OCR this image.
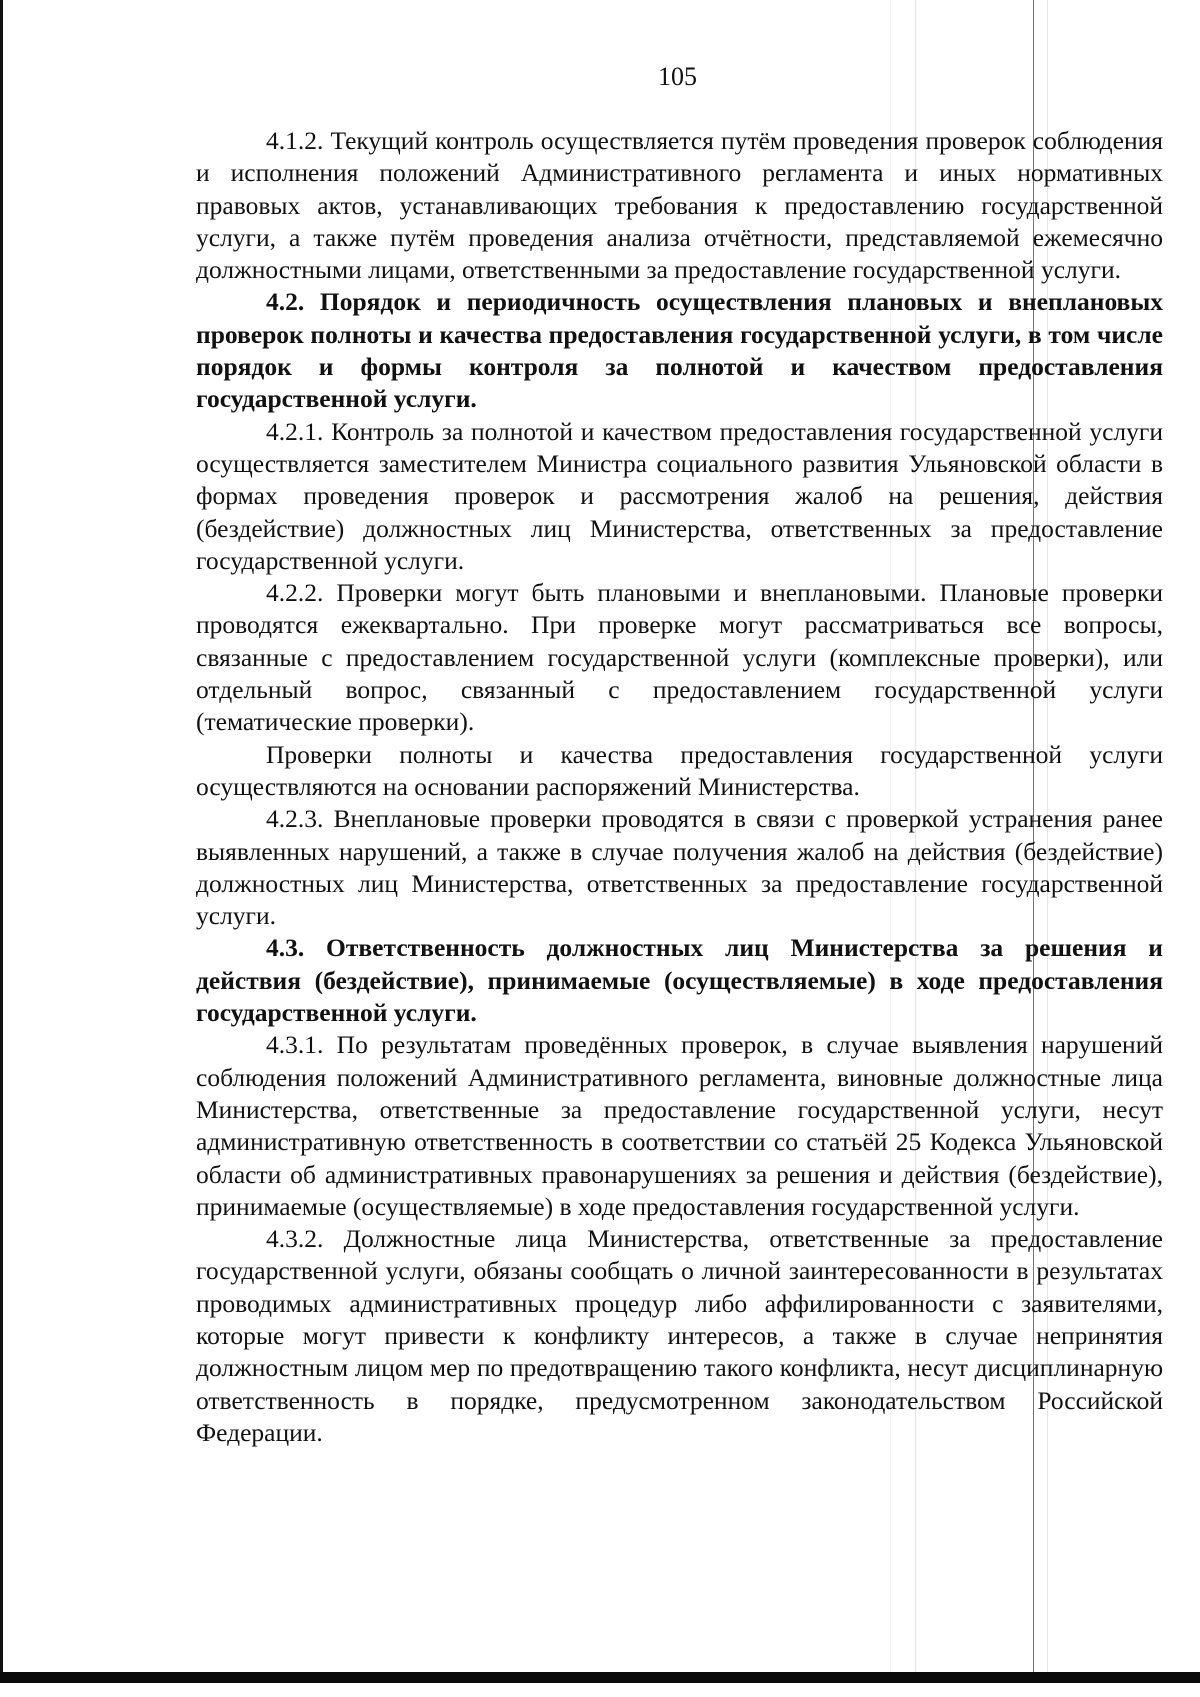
105

4.1.2. Текущий контроль осуществляется путём проведения проверок соблюдения и исполнения положений Административного регламента и иных нормативных правовых актов, устанавливающих требования к предоставлению государственной услуги, а также путём проведения анализа отчётности, представляемой ежемесячно должностными лицами, ответственными за предоставление государственной услуги.

4.2. Порядок и периодичность осуществления плановых и внеплановых проверок полноты и качества предоставления государственной услуги, в том числе порядок и формы контроля за полнотой и качеством предоставления государственной услуги.

4.2.1. Контроль за полнотой и качеством предоставления государственной услуги осуществляется заместителем Министра социального развития Ульяновской области в формах проведения проверок и рассмотрения жалоб на решения, действия (бездействие) должностных лиц Министерства, ответственных за предоставление государственной услуги.

4.2.2. Проверки могут быть плановыми и внеплановыми. Плановые проверки проводятся ежеквартально. При проверке могут рассматриваться все вопросы, связанные с предоставлением государственной услуги (комплексные проверки), или отдельный вопрос, связанный с предоставлением государственной услуги (тематические проверки).

Проверки полноты и качества предоставления государственной услуги осуществляются на основании распоряжений Министерства.

4.2.3. Внеплановые проверки проводятся в связи с проверкой устранения ранее выявленных нарушений, а также в случае получения жалоб на действия (бездействие) должностных лиц Министерства, ответственных за предоставление государственной услуги.

4.3. Ответственность должностных лиц Министерства за решения и действия (бездействие), принимаемые (осуществляемые) в ходе предоставления государственной услуги.

4.3.1. По результатам проведённых проверок, в случае выявления нарушений соблюдения положений Административного регламента, виновные должностные лица Министерства, ответственные за предоставление государственной услуги, несут административную ответственность в соответствии со статьёй 25 Кодекса Ульяновской области об административных правонарушениях за решения и действия (бездействие), принимаемые (осуществляемые) в ходе предоставления государственной услуги.

4.3.2. Должностные лица Министерства, ответственные за предоставление государственной услуги, обязаны сообщать о личной заинтересованности в результатах проводимых административных процедур либо аффилированности с заявителями, которые могут привести к конфликту интересов, а также в случае непринятия должностным лицом мер по предотвращению такого конфликта, несут дисциплинарную ответственность в порядке, предусмотренном законодательством Российской Федерации.
